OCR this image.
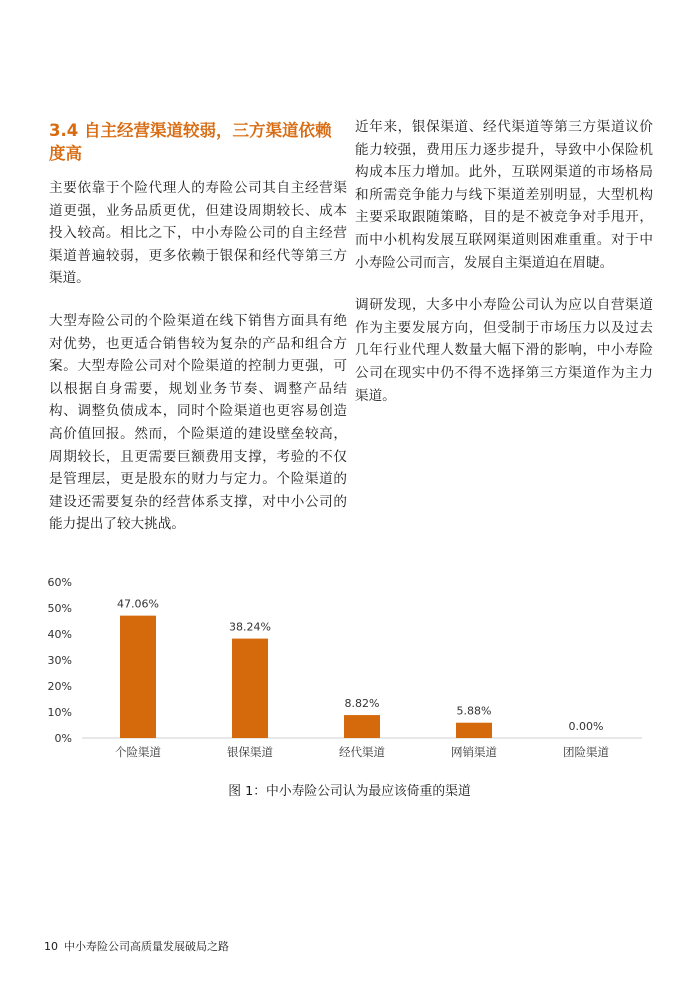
3.4 自主经营渠道较弱，三方渠道依赖度高

主要依靠于个险代理人的寿险公司其自主经营渠道更强，业务品质更优，但建设周期较长、成本投入较高。相比之下，中小寿险公司的自主经营渠道普遍较弱，更多依赖于银保和经代等第三方渠道。

大型寿险公司的个险渠道在线下销售方面具有绝对优势，也更适合销售较为复杂的产品和组合方案。大型寿险公司对个险渠道的控制力更强，可以根据自身需要，规划业务节奏、调整产品结构、调整负债成本，同时个险渠道也更容易创造高价值回报。然而，个险渠道的建设壁垒较高，周期较长，且更需要巨额费用支撑，考验的不仅是管理层，更是股东的财力与定力。个险渠道的建设还需要复杂的经营体系支撑，对中小公司的能力提出了较大挑战。

近年来，银保渠道、经代渠道等第三方渠道议价能力较强，费用压力逐步提升，导致中小保险机构成本压力增加。此外，互联网渠道的市场格局和所需竞争能力与线下渠道差别明显，大型机构主要采取跟随策略，目的是不被竞争对手甩开，而中小机构发展互联网渠道则困难重重。对于中小寿险公司而言，发展自主渠道迫在眉睫。

调研发现，大多中小寿险公司认为应以自营渠道作为主要发展方向，但受制于市场压力以及过去几年行业代理人数量大幅下滑的影响，中小寿险公司在现实中仍不得不选择第三方渠道作为主力渠道。

0%
10%
20%
30%
40%
50%
60%
47.06%
38.24%
8.82%
5.88%
0.00%
个险渠道	银保渠道	经代渠道	网销渠道	团险渠道
图 1：中小寿险公司认为最应该倚重的渠道
10 中小寿险公司高质量发展破局之路
